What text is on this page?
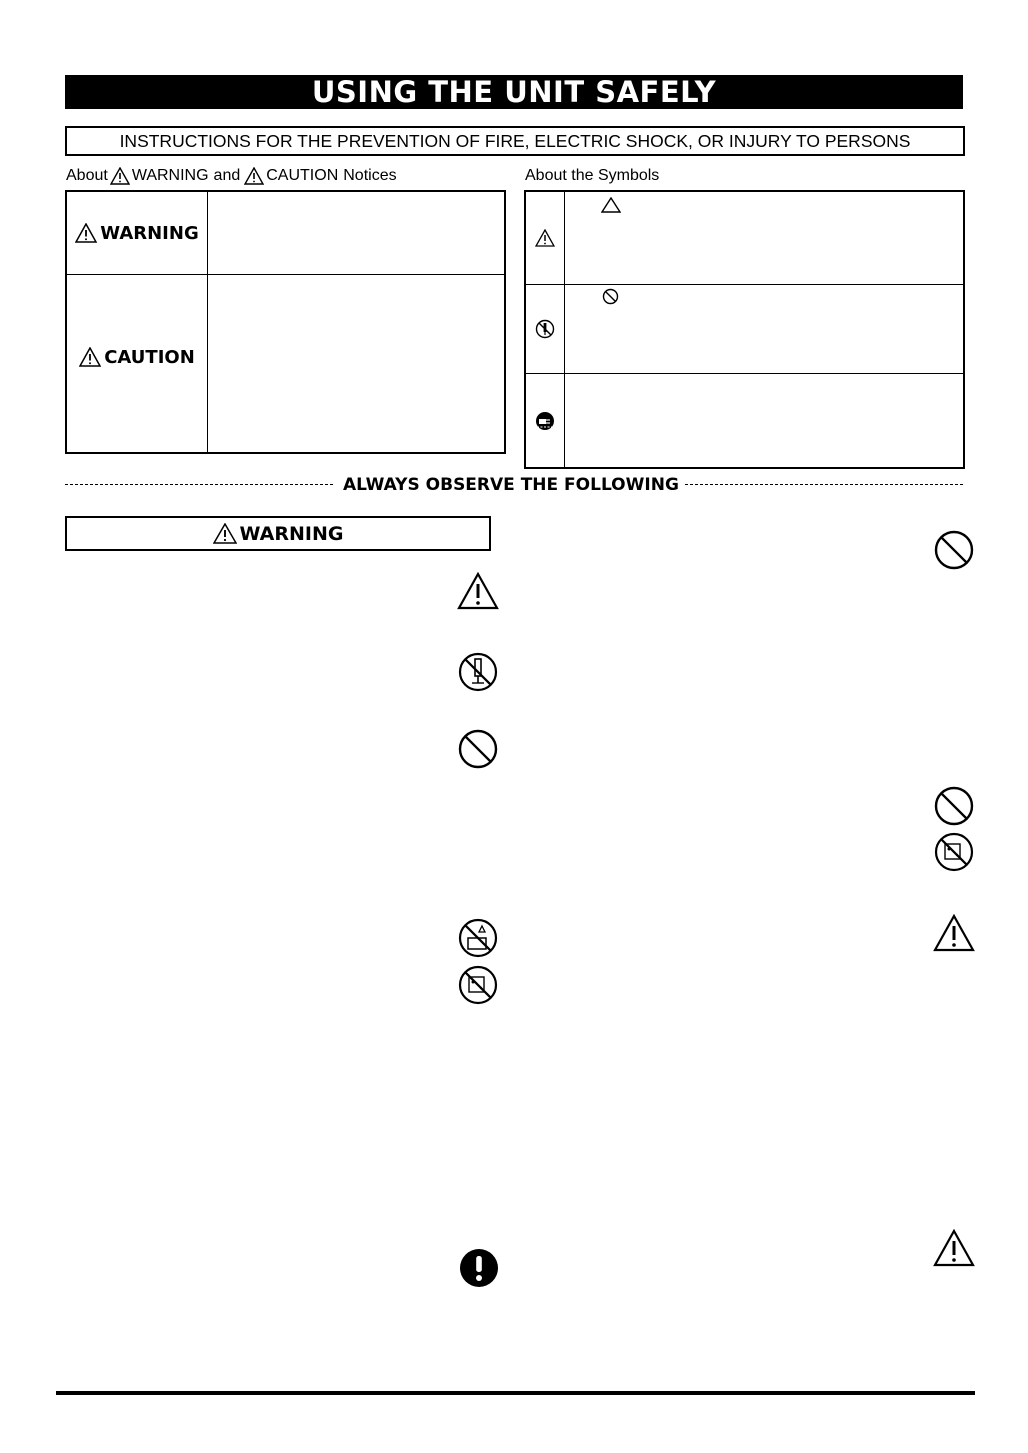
USING THE UNIT SAFELY
INSTRUCTIONS FOR THE PREVENTION OF FIRE, ELECTRIC SHOCK, OR INJURY TO PERSONS
About WARNING and CAUTION Notices	About the Symbols
WARNING
CAUTION
ALWAYS OBSERVE THE FOLLOWING
WARNING
